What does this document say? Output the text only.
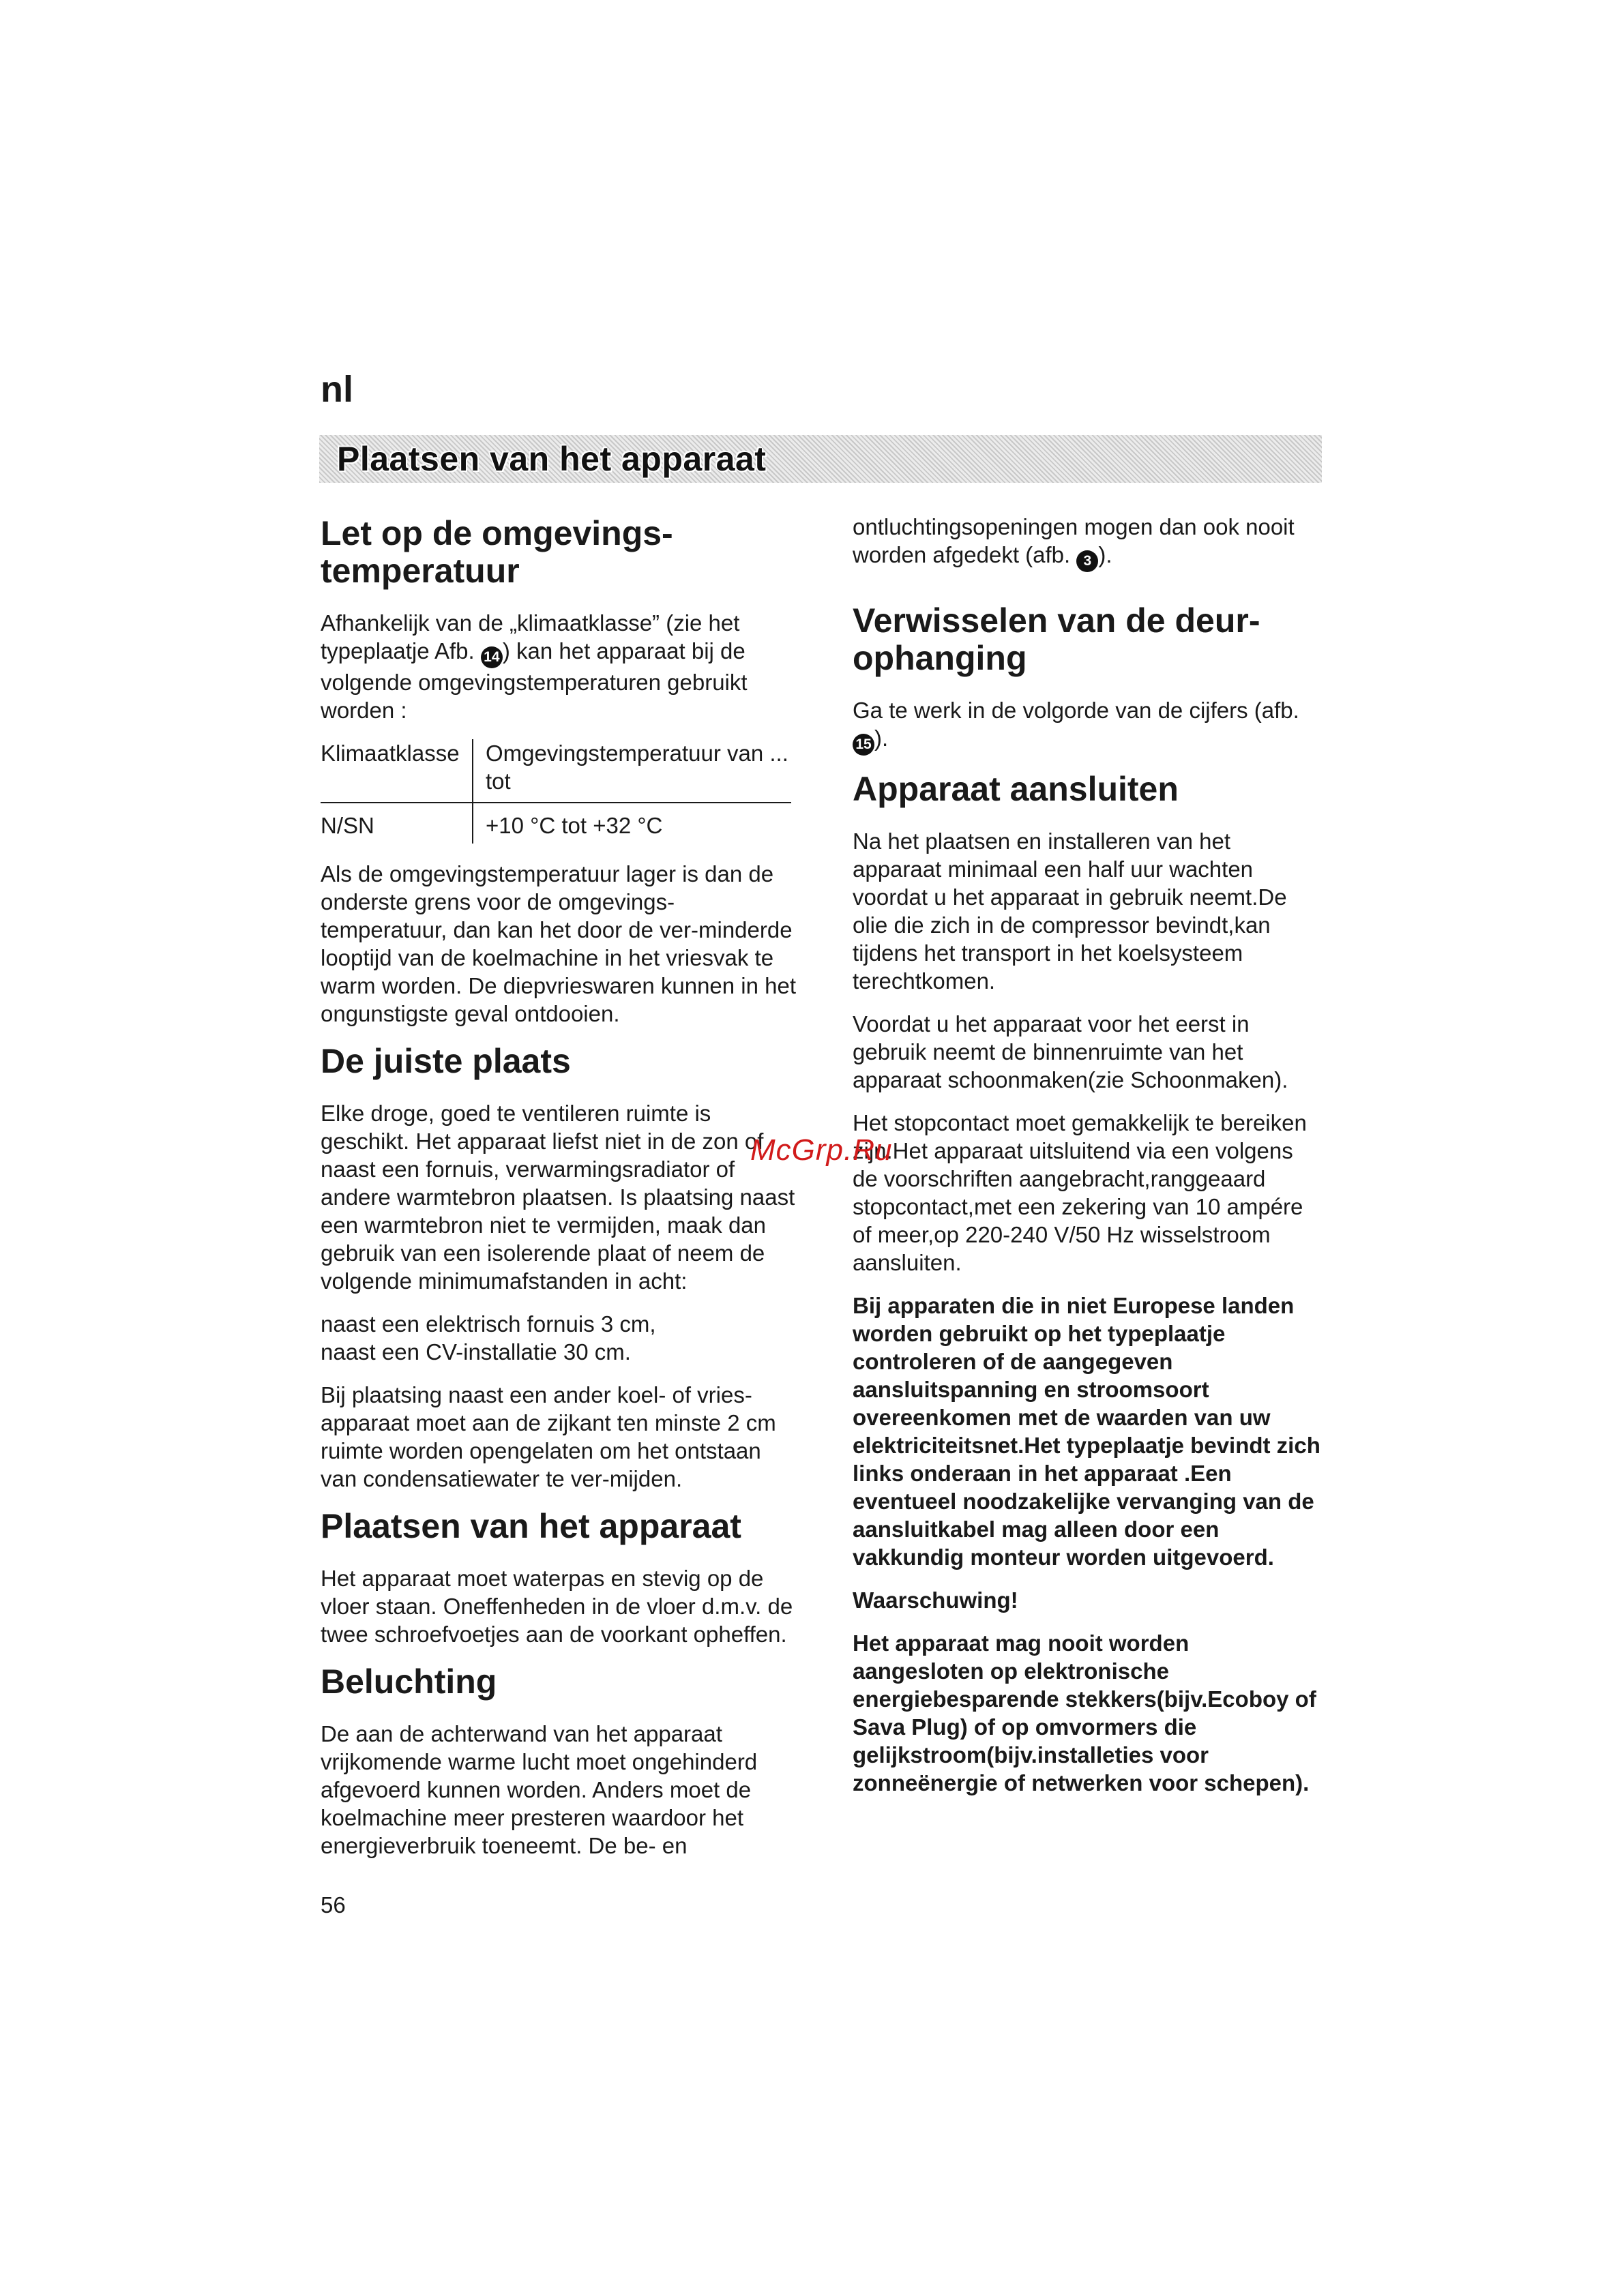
nl
Plaatsen van het apparaat
Let op de omgevings-
temperatuur

Afhankelijk van de „klimaatklasse” (zie het typeplaatje Afb. 14 ) kan het apparaat bij de volgende omgevingstemperaturen gebruikt worden :

Klimaatklasse	Omgevingstemperatuur van ... tot
N/SN	+10 °C tot +32 °C

Als de omgevingstemperatuur lager is dan de onderste grens voor de omgevings-temperatuur, dan kan het door de ver-minderde looptijd van de koelmachine in het vriesvak te warm worden. De diepvrieswaren kunnen in het ongunstigste geval ontdooien.

De juiste plaats

Elke droge, goed te ventileren ruimte is geschikt. Het apparaat liefst niet in de zon of naast een fornuis, verwarmingsradiator of andere warmtebron plaatsen. Is plaatsing naast een warmtebron niet te vermijden, maak dan gebruik van een isolerende plaat of neem de volgende minimumafstanden in acht:

naast een elektrisch fornuis 3 cm,
naast een CV-installatie 30 cm.

Bij plaatsing naast een ander koel- of vries-apparaat moet aan de zijkant ten minste 2 cm ruimte worden opengelaten om het ontstaan van condensatiewater te ver-mijden.

Plaatsen van het apparaat

Het apparaat moet waterpas en stevig op de vloer staan. Oneffenheden in de vloer d.m.v. de twee schroefvoetjes aan de voorkant opheffen.

Beluchting

De aan de achterwand van het apparaat vrijkomende warme lucht moet ongehinderd afgevoerd kunnen worden. Anders moet de koelmachine meer presteren waardoor het energieverbruik toeneemt. De be- en

ontluchtingsopeningen mogen dan ook nooit worden afgedekt (afb. 3 ).

Verwisselen van de deur-
ophanging

Ga te werk in de volgorde van de cijfers (afb. 15 ).

Apparaat aansluiten

Na het plaatsen en installeren van het apparaat minimaal een half uur wachten voordat u het apparaat in gebruik neemt.De olie die zich in de compressor bevindt,kan tijdens het transport in het koelsysteem terechtkomen.

Voordat u het apparaat voor het eerst in gebruik neemt de binnenruimte van het apparaat schoonmaken(zie Schoonmaken).

Het stopcontact moet gemakkelijk te bereiken zijn.Het apparaat uitsluitend via een volgens de voorschriften aangebracht,ranggeaard stopcontact,met een zekering van 10 ampére of meer,op 220-240 V/50 Hz wisselstroom aansluiten.

Bij apparaten die in niet Europese landen worden gebruikt op het typeplaatje controleren of de aangegeven aansluitspanning en stroomsoort overeenkomen met de waarden van uw elektriciteitsnet.Het typeplaatje bevindt zich links onderaan in het apparaat .Een eventueel noodzakelijke vervanging van de aansluitkabel mag alleen door een vakkundig monteur worden uitgevoerd.

Waarschuwing!

Het apparaat mag nooit worden aangesloten op elektronische energiebesparende stekkers(bijv.Ecoboy of Sava Plug) of op omvormers die gelijkstroom(bijv.installeties voor zonneënergie of netwerken voor schepen).

McGrp.Ru
56
